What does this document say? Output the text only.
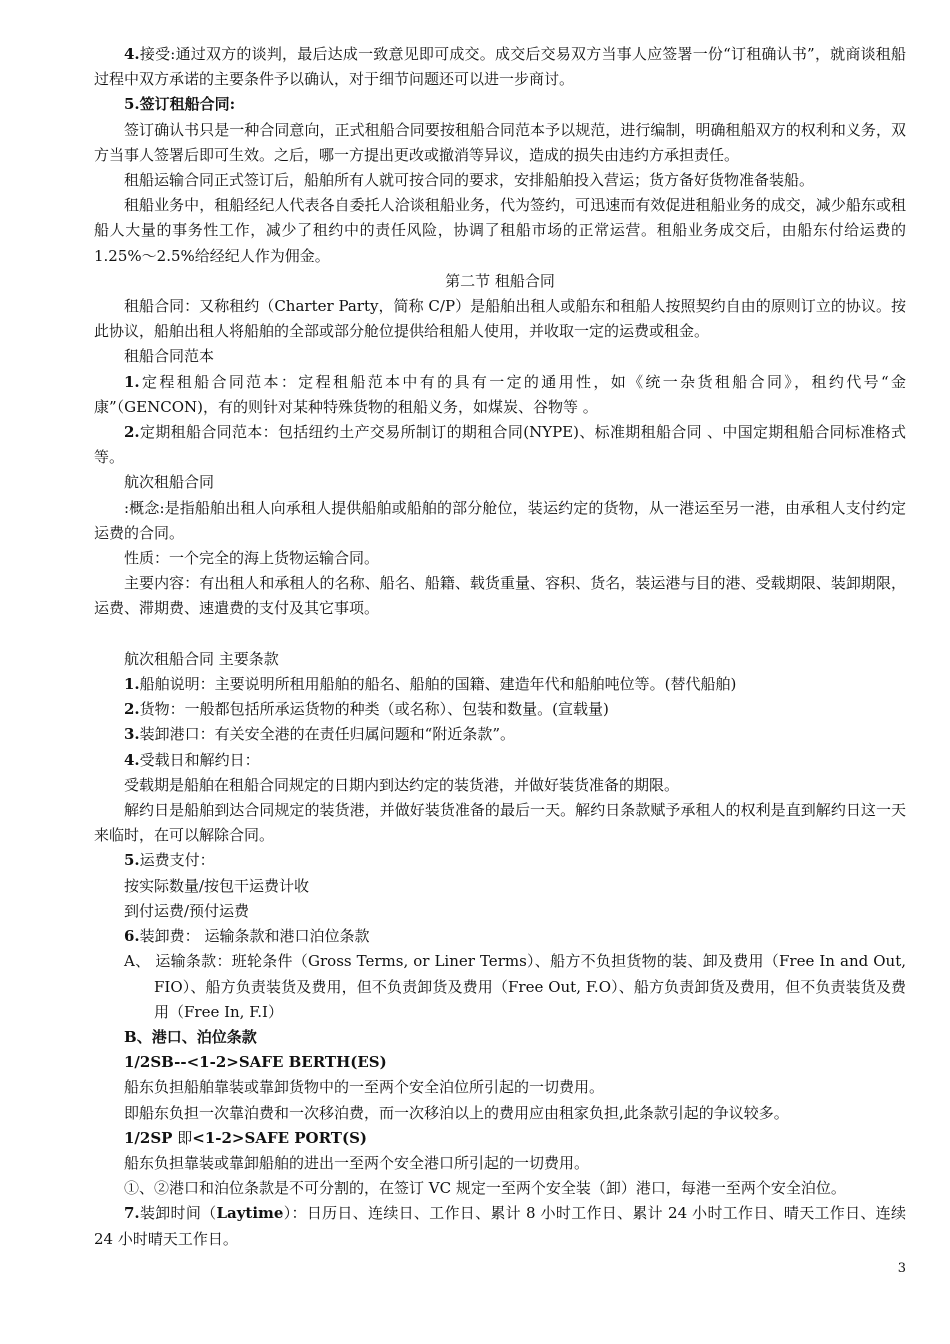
4.接受:通过双方的谈判，最后达成一致意见即可成交。成交后交易双方当事人应签署一份“订租确认书”，就商谈租船过程中双方承诺的主要条件予以确认，对于细节问题还可以进一步商讨。

5.签订租船合同:

签订确认书只是一种合同意向，正式租船合同要按租船合同范本予以规范，进行编制，明确租船双方的权利和义务，双方当事人签署后即可生效。之后，哪一方提出更改或撤消等异议，造成的损失由违约方承担责任。

租船运输合同正式签订后，船舶所有人就可按合同的要求，安排船舶投入营运；货方备好货物准备装船。

租船业务中，租船经纪人代表各自委托人洽谈租船业务，代为签约，可迅速而有效促进租船业务的成交，减少船东或租船人大量的事务性工作，减少了租约中的责任风险，协调了租船市场的正常运营。租船业务成交后，由船东付给运费的 1.25%～2.5%给经纪人作为佣金。

第二节 租船合同

租船合同：又称租约（Charter Party，简称 C/P）是船舶出租人或船东和租船人按照契约自由的原则订立的协议。按此协议，船舶出租人将船舶的全部或部分舱位提供给租船人使用，并收取一定的运费或租金。

租船合同范本

1.定程租船合同范本：定程租船范本中有的具有一定的通用性，如《统一杂货租船合同》，租约代号“金康”（GENCON)，有的则针对某种特殊货物的租船义务，如煤炭、谷物等 。

2.定期租船合同范本：包括纽约土产交易所制订的期租合同(NYPE)、标准期租船合同 、中国定期租船合同标准格式等。

航次租船合同

:概念:是指船舶出租人向承租人提供船舶或船舶的部分舱位，装运约定的货物，从一港运至另一港，由承租人支付约定运费的合同。

性质：一个完全的海上货物运输合同。

主要内容：有出租人和承租人的名称、船名、船籍、载货重量、容积、货名，装运港与目的港、受载期限、装卸期限，运费、滞期费、速遣费的支付及其它事项。

航次租船合同 主要条款

1.船舶说明：主要说明所租用船舶的船名、船舶的国籍、建造年代和船舶吨位等。(替代船舶)

2.货物：一般都包括所承运货物的种类（或名称）、包装和数量。(宣载量)

3.装卸港口：有关安全港的在责任归属问题和“附近条款”。

4.受载日和解约日：

受载期是船舶在租船合同规定的日期内到达约定的装货港，并做好装货准备的期限。

解约日是船舶到达合同规定的装货港，并做好装货准备的最后一天。解约日条款赋予承租人的权利是直到解约日这一天来临时，在可以解除合同。

5.运费支付：

按实际数量/按包干运费计收

到付运费/预付运费

6.装卸费： 运输条款和港口泊位条款

A、 运输条款：班轮条件（Gross Terms, or Liner Terms）、船方不负担货物的装、卸及费用（Free In and Out, FIO）、船方负责装货及费用，但不负责卸货及费用（Free Out, F.O）、船方负责卸货及费用，但不负责装货及费用（Free In, F.I）

B、港口、泊位条款

1/2SB--<1-2>SAFE BERTH(ES)

船东负担船舶靠装或靠卸货物中的一至两个安全泊位所引起的一切费用。

即船东负担一次靠泊费和一次移泊费，而一次移泊以上的费用应由租家负担,此条款引起的争议较多。

1/2SP 即<1-2>SAFE PORT(S)

船东负担靠装或靠卸船舶的进出一至两个安全港口所引起的一切费用。

①、②港口和泊位条款是不可分割的，在签订 VC 规定一至两个安全装（卸）港口，每港一至两个安全泊位。

7.装卸时间（Laytime）：日历日、连续日、工作日、累计 8 小时工作日、累计 24 小时工作日、晴天工作日、连续 24 小时晴天工作日。

3
